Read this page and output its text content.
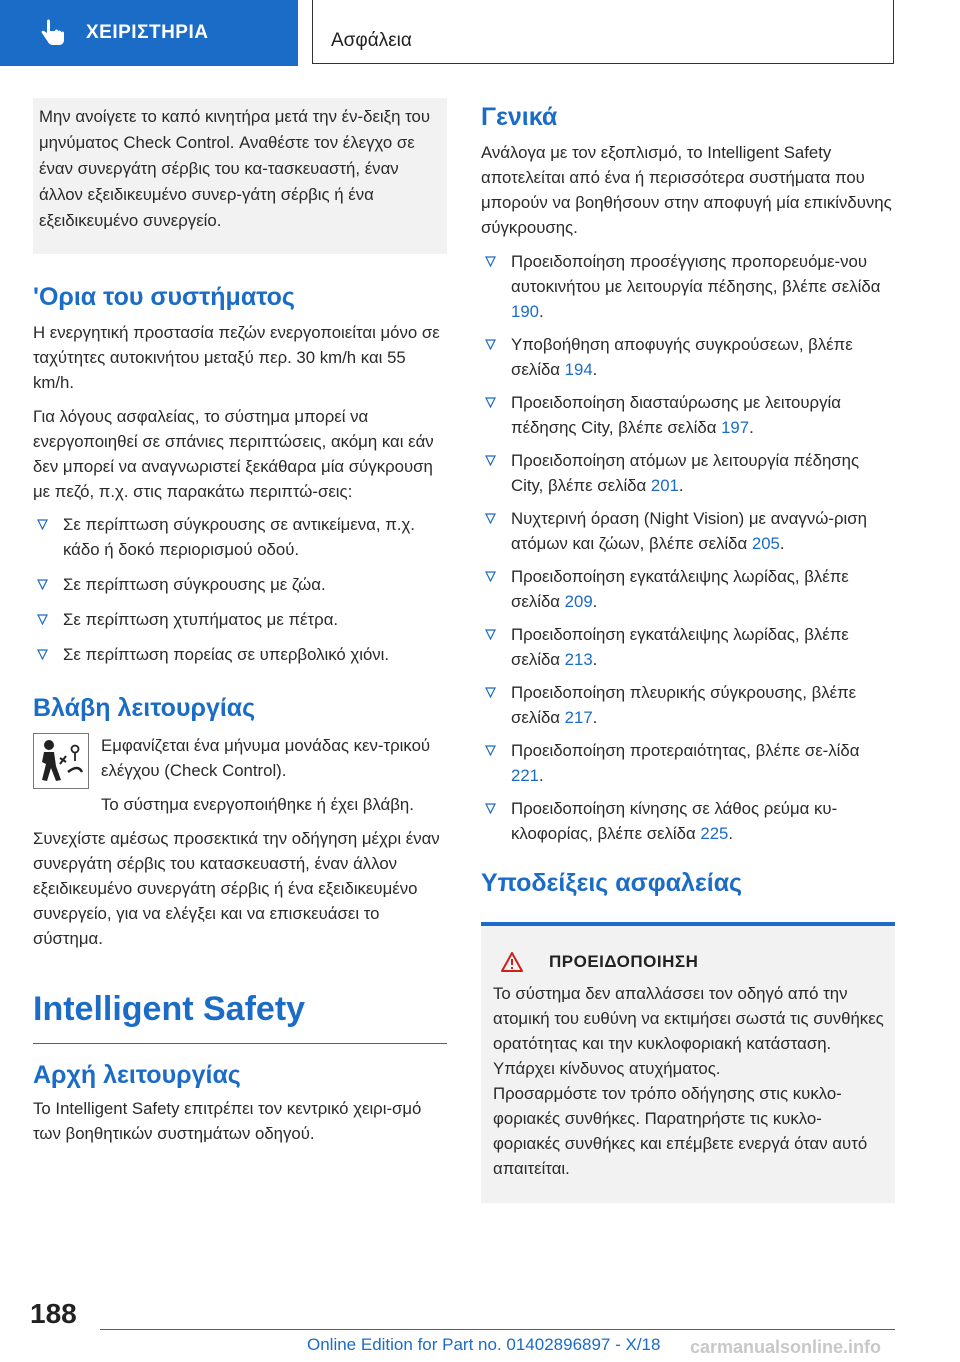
ΧΕΙΡΙΣΤΗΡΙΑ	Ασφάλεια
Μην ανοίγετε το καπό κινητήρα μετά την έν-δειξη του μηνύματος Check Control. Αναθέστε τον έλεγχο σε έναν συνεργάτη σέρβις του κα-τασκευαστή, έναν άλλον εξειδικευμένο συνερ-γάτη σέρβις ή ένα εξειδικευμένο συνεργείο.
'Ορια του συστήματος

Η ενεργητική προστασία πεζών ενεργοποιείται μόνο σε ταχύτητες αυτοκινήτου μεταξύ περ. 30 km/h και 55 km/h.

Για λόγους ασφαλείας, το σύστημα μπορεί να ενεργοποιηθεί σε σπάνιες περιπτώσεις, ακόμη και εάν δεν μπορεί να αναγνωριστεί ξεκάθαρα μία σύγκρουση με πεζό, π.χ. στις παρακάτω περιπτώ-σεις:

Σε περίπτωση σύγκρουσης σε αντικείμενα, π.χ. κάδο ή δοκό περιορισμού οδού.
Σε περίπτωση σύγκρουσης με ζώα.
Σε περίπτωση χτυπήματος με πέτρα.
Σε περίπτωση πορείας σε υπερβολικό χιόνι.
Βλάβη λειτουργίας

Εμφανίζεται ένα μήνυμα μονάδας κεν-τρικού ελέγχου (Check Control).

Το σύστημα ενεργοποιήθηκε ή έχει βλάβη.

Συνεχίστε αμέσως προσεκτικά την οδήγηση μέχρι έναν συνεργάτη σέρβις του κατασκευαστή, έναν άλλον εξειδικευμένο συνεργάτη σέρβις ή ένα εξειδικευμένο συνεργείο, για να ελέγξει και να επισκευάσει το σύστημα.

Intelligent Safety
Αρχή λειτουργίας

Το Intelligent Safety επιτρέπει τον κεντρικό χειρι-σμό των βοηθητικών συστημάτων οδηγού.

Γενικά

Ανάλογα με τον εξοπλισμό, το Intelligent Safety αποτελείται από ένα ή περισσότερα συστήματα που μπορούν να βοηθήσουν στην αποφυγή μία επικίνδυνης σύγκρουσης.

Προειδοποίηση προσέγγισης προπορευόμε-νου αυτοκινήτου με λειτουργία πέδησης, βλέπε σελίδα 190.
Υποβοήθηση αποφυγής συγκρούσεων, βλέπε σελίδα 194.
Προειδοποίηση διασταύρωσης με λειτουργία πέδησης City, βλέπε σελίδα 197.
Προειδοποίηση ατόμων με λειτουργία πέδησης City, βλέπε σελίδα 201.
Νυχτερινή όραση (Night Vision) με αναγνώ-ριση ατόμων και ζώων, βλέπε σελίδα 205.
Προειδοποίηση εγκατάλειψης λωρίδας, βλέπε σελίδα 209.
Προειδοποίηση εγκατάλειψης λωρίδας, βλέπε σελίδα 213.
Προειδοποίηση πλευρικής σύγκρουσης, βλέπε σελίδα 217.
Προειδοποίηση προτεραιότητας, βλέπε σε-λίδα 221.
Προειδοποίηση κίνησης σε λάθος ρεύμα κυ-κλοφορίας, βλέπε σελίδα 225.
Υποδείξεις ασφαλείας
ΠΡΟΕΙΔΟΠΟΙΗΣΗ

Το σύστημα δεν απαλλάσσει τον οδηγό από την ατομική του ευθύνη να εκτιμήσει σωστά τις συνθήκες ορατότητας και την κυκλοφοριακή κατάσταση. Υπάρχει κίνδυνος ατυχήματος.

Προσαρμόστε τον τρόπο οδήγησης στις κυκλο-φοριακές συνθήκες. Παρατηρήστε τις κυκλο-φοριακές συνθήκες και επέμβετε ενεργά όταν αυτό απαιτείται.

188
Online Edition for Part no. 01402896897 - X/18 carmanualsonline.info
